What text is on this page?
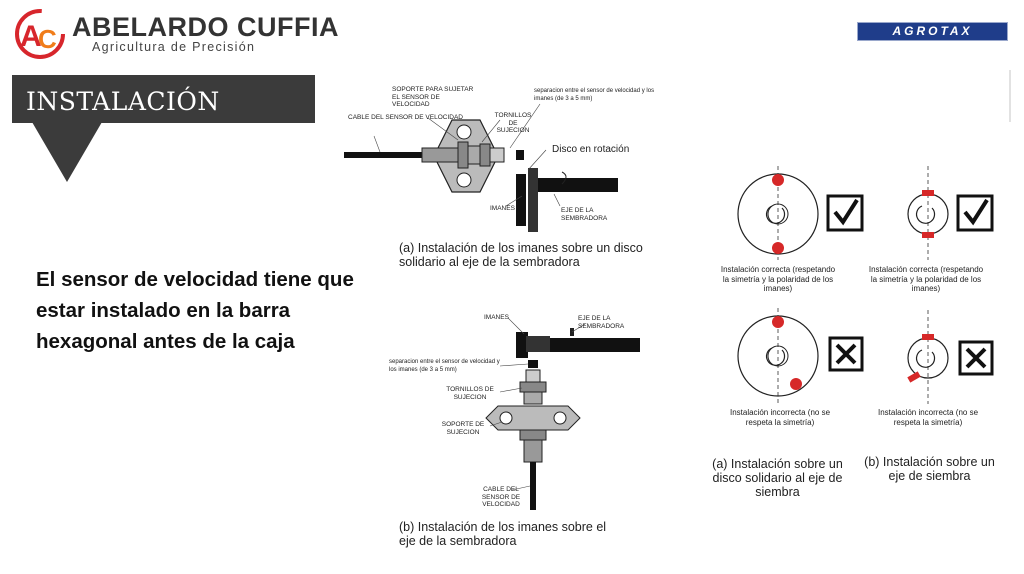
A
C ABELARDO CUFFIA
Agricultura de Precisión
AGROTAX
INSTALACIÓN
El sensor de velocidad tiene que estar instalado en la barra hexagonal antes de la caja
CABLE DEL SENSOR DE VELOCIDAD
SOPORTE PARA SUJETAR EL SENSOR DE VELOCIDAD
TORNILLOS DE SUJECION
separacion entre el sensor de velocidad y los imanes (de 3 a 5 mm)
Disco en rotación
IMANES	EJE DE LA SEMBRADORA
(a) Instalación de los imanes sobre un disco solidario al eje de la sembradora
IMANES	EJE DE LA SEMBRADORA
separacion entre el sensor de velocidad y los imanes (de 3 a 5 mm)
TORNILLOS DE SUJECION
SOPORTE DE SUJECION
CABLE DEL SENSOR DE VELOCIDAD
(b) Instalación de los imanes sobre el eje de la sembradora
Instalación correcta (respetando la simetría y la polaridad de los imanes)
Instalación correcta (respetando la simetría y la polaridad de los imanes)
Instalación incorrecta (no se respeta la simetría)
Instalación incorrecta (no se respeta la simetría)
(a) Instalación sobre un disco solidario al eje de siembra
(b) Instalación sobre un eje de siembra
